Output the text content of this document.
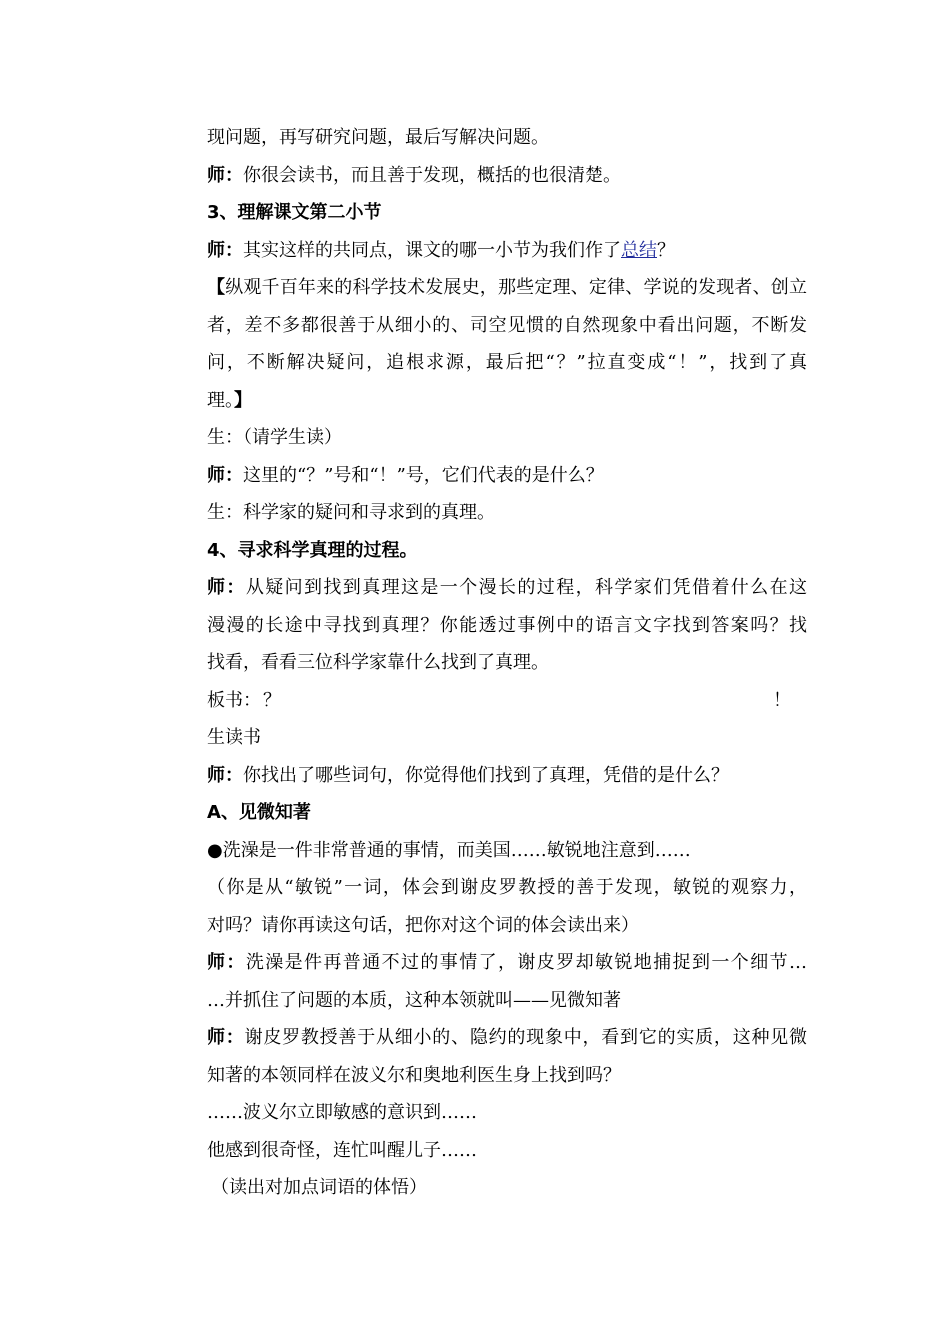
现问题，再写研究问题，最后写解决问题。
师：你很会读书，而且善于发现，概括的也很清楚。
3、理解课文第二小节
师：其实这样的共同点，课文的哪一小节为我们作了总结？
【纵观千百年来的科学技术发展史，那些定理、定律、学说的发现者、创立
者，差不多都很善于从细小的、司空见惯的自然现象中看出问题，不断发
问，不断解决疑问，追根求源，最后把“？”拉直变成“！”，找到了真
理。】
生：（请学生读）
师：这里的“？”号和“！”号，它们代表的是什么？
生：科学家的疑问和寻求到的真理。
4、寻求科学真理的过程。
师：从疑问到找到真理这是一个漫长的过程，科学家们凭借着什么在这
漫漫的长途中寻找到真理？你能透过事例中的语言文字找到答案吗？找
找看，看看三位科学家靠什么找到了真理。
板书： ？	！
生读书
师：你找出了哪些词句，你觉得他们找到了真理，凭借的是什么？
A、见微知著
●洗澡是一件非常普通的事情，而美国……敏锐地注意到……
（你是从“敏锐”一词，体会到谢皮罗教授的善于发现，敏锐的观察力，
对吗？请你再读这句话，把你对这个词的体会读出来）
师：洗澡是件再普通不过的事情了，谢皮罗却敏锐地捕捉到一个细节…
…并抓住了问题的本质，这种本领就叫——见微知著
师：谢皮罗教授善于从细小的、隐约的现象中，看到它的实质，这种见微
知著的本领同样在波义尔和奥地利医生身上找到吗？
……波义尔立即敏感的意识到……
他感到很奇怪，连忙叫醒儿子……
（读出对加点词语的体悟）
